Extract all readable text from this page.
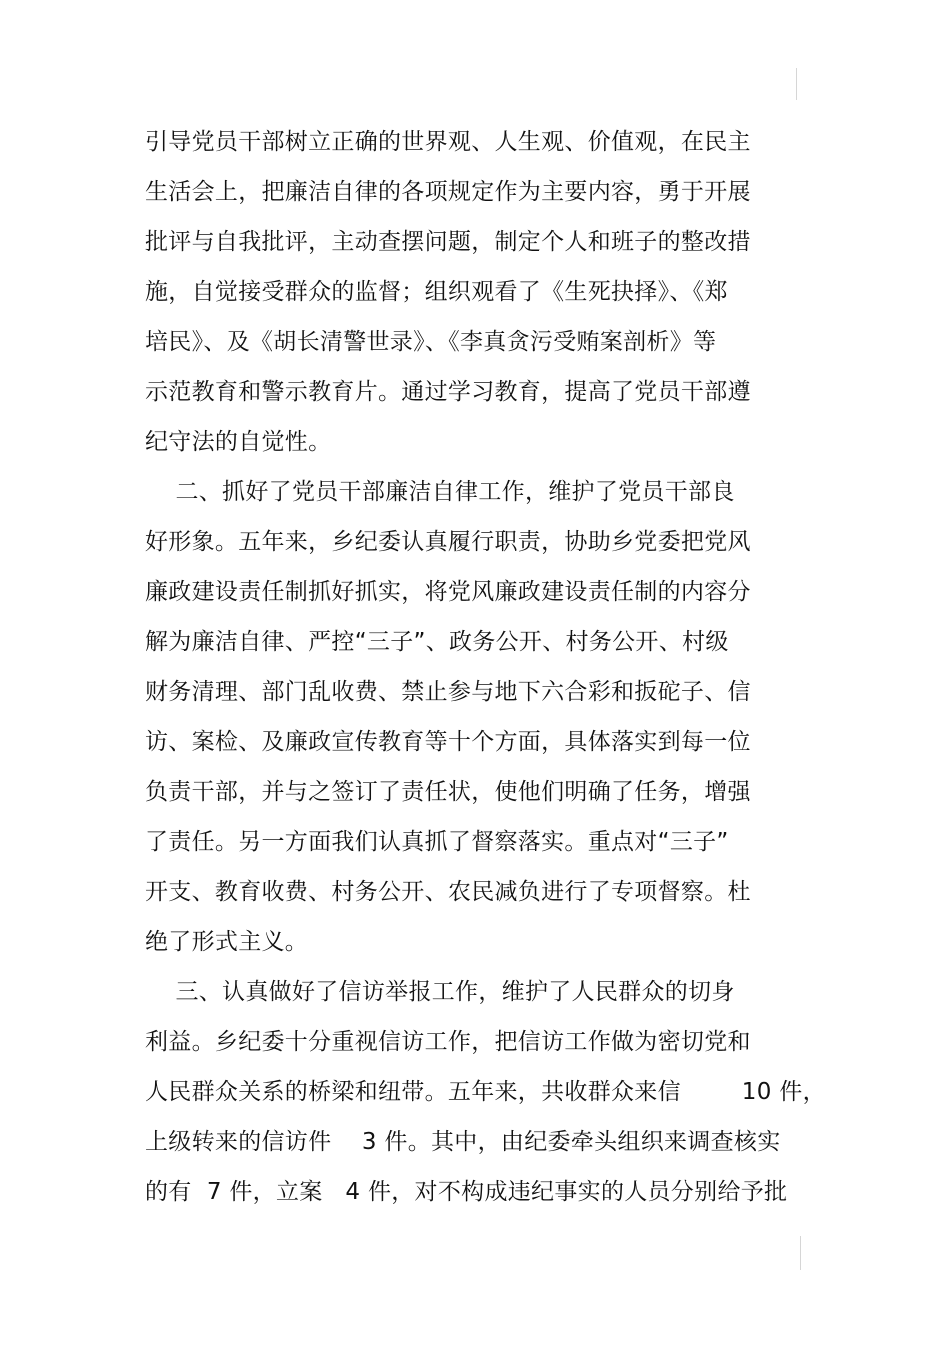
引导党员干部树立正确的世界观、人生观、价值观，在民主
生活会上，把廉洁自律的各项规定作为主要内容，勇于开展
批评与自我批评，主动查摆问题，制定个人和班子的整改措
施，自觉接受群众的监督；组织观看了《生死抉择》、《郑
培民》、及《胡长清警世录》、《李真贪污受贿案剖析》等
示范教育和警示教育片。通过学习教育，提高了党员干部遵
纪守法的自觉性。
二、抓好了党员干部廉洁自律工作，维护了党员干部良
好形象。五年来，乡纪委认真履行职责，协助乡党委把党风
廉政建设责任制抓好抓实，将党风廉政建设责任制的内容分
解为廉洁自律、严控“三子”、政务公开、村务公开、村级
财务清理、部门乱收费、禁止参与地下六合彩和扳砣子、信
访、案检、及廉政宣传教育等十个方面，具体落实到每一位
负责干部，并与之签订了责任状，使他们明确了任务，增强
了责任。另一方面我们认真抓了督察落实。重点对“三子”
开支、教育收费、村务公开、农民减负进行了专项督察。杜
绝了形式主义。
三、认真做好了信访举报工作，维护了人民群众的切身
利益。乡纪委十分重视信访工作，把信访工作做为密切党和
人民群众关系的桥梁和纽带。五年来，共收群众来信        10 件，
上级转来的信访件    3 件。其中，由纪委牵头组织来调查核实
的有  7 件，立案   4 件，对不构成违纪事实的人员分别给予批
